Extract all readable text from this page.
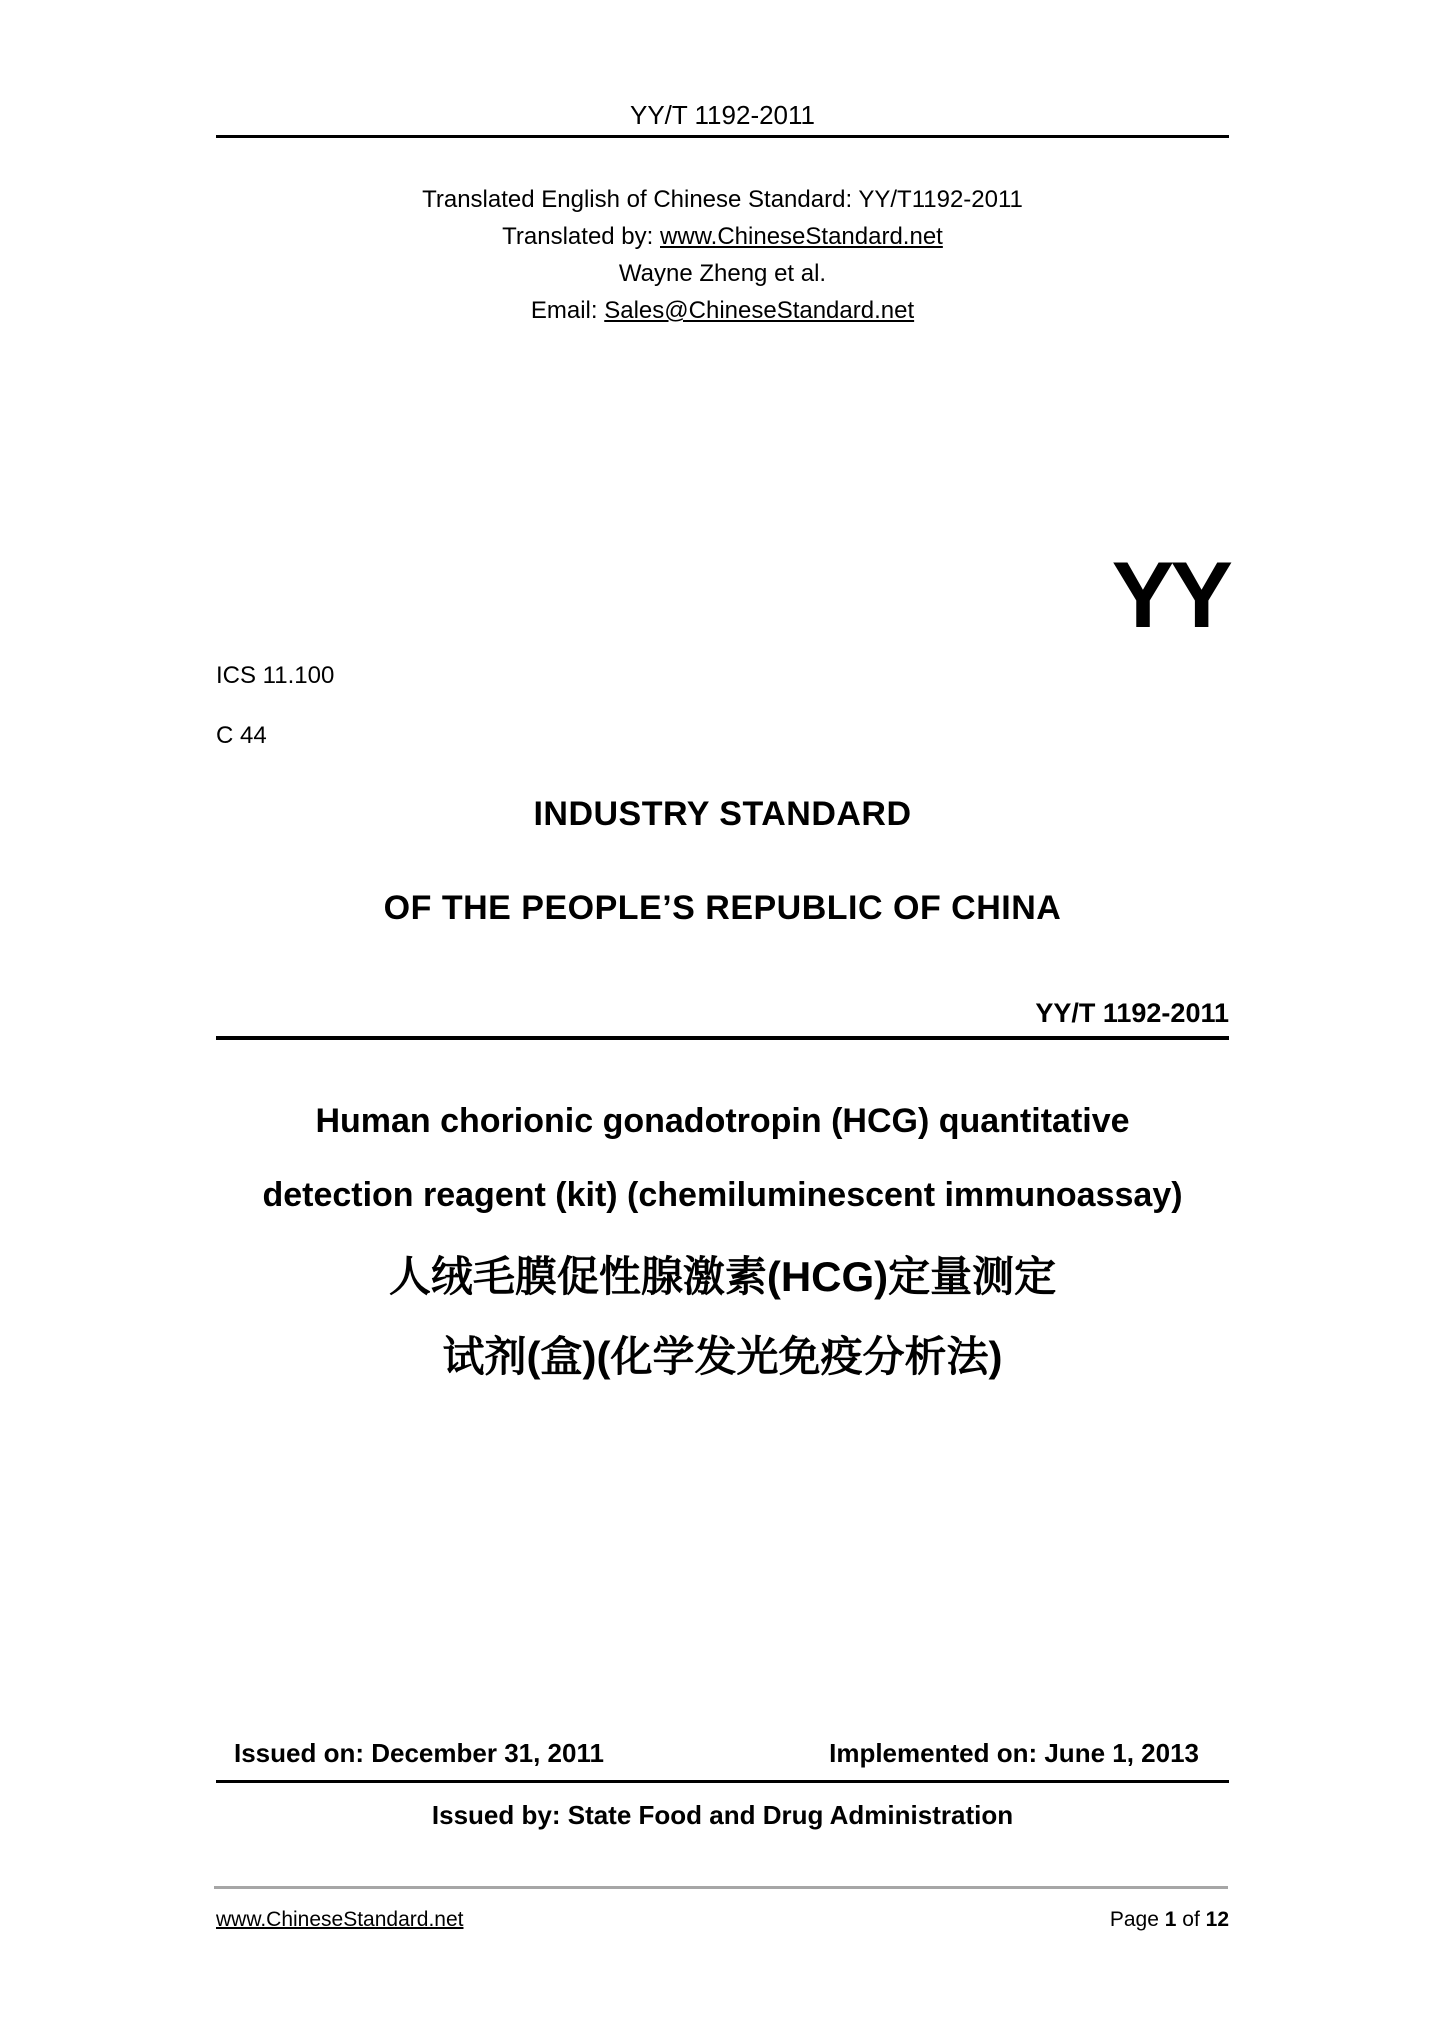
YY/T 1192-2011
Translated English of Chinese Standard: YY/T1192-2011
Translated by: www.ChineseStandard.net
Wayne Zheng et al.
Email: Sales@ChineseStandard.net
YY
ICS 11.100
C 44
INDUSTRY STANDARD
OF THE PEOPLE’S REPUBLIC OF CHINA
YY/T 1192-2011
Human chorionic gonadotropin (HCG) quantitative
detection reagent (kit) (chemiluminescent immunoassay)
人绒毛膜促性腺激素(HCG)定量测定
试剂(盒)(化学发光免疫分析法)
Issued on: December 31, 2011	Implemented on: June 1, 2013
Issued by: State Food and Drug Administration
www.ChineseStandard.net	Page 1 of 12
